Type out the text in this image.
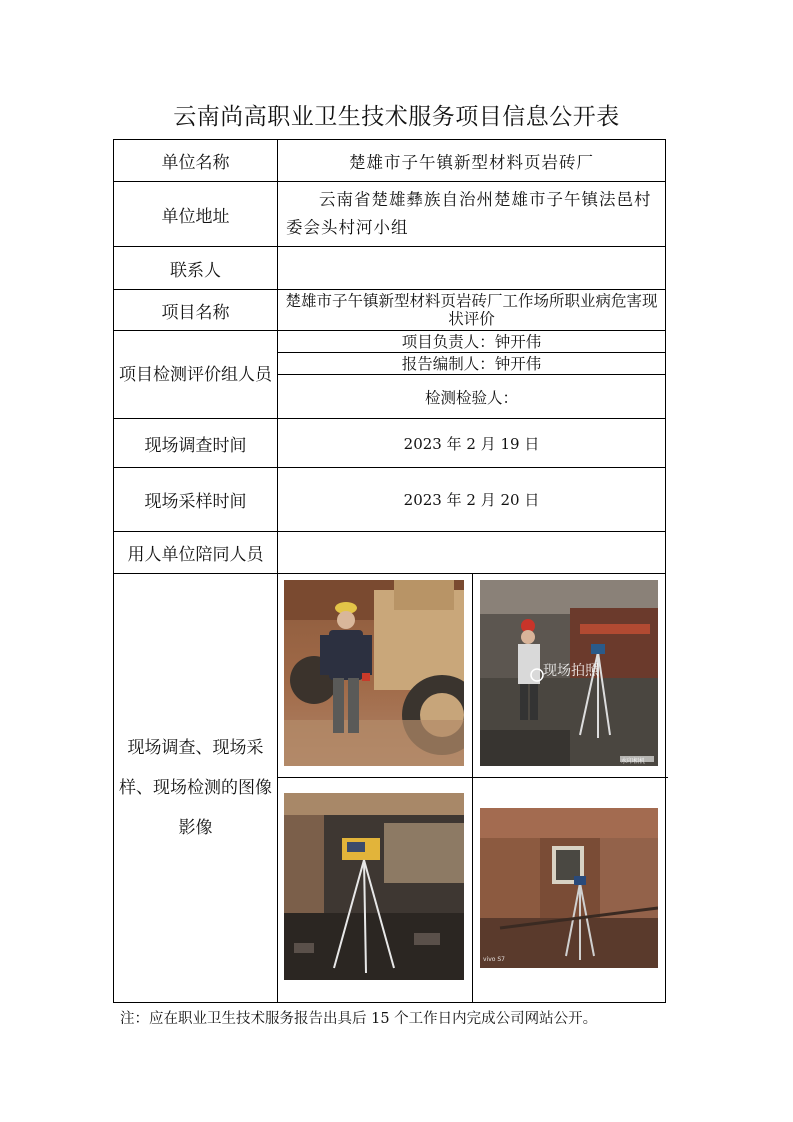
云南尚高职业卫生技术服务项目信息公开表
单位名称	楚雄市子午镇新型材料页岩砖厂
单位地址	云南省楚雄彝族自治州楚雄市子午镇法邑村委会头村河小组
联系人	
项目名称	楚雄市子午镇新型材料页岩砖厂工作场所职业病危害现状评价
项目检测评价组人员	项目负责人：钟开伟
	报告编制人：钟开伟
	检测检验人：
现场调查时间	2023 年 2 月 19 日
现场采样时间	2023 年 2 月 20 日
用人单位陪同人员	
现场调查、现场采样、现场检测的图像影像	现场拍照
水印相机
vivo S7
注：应在职业卫生技术服务报告出具后 15 个工作日内完成公司网站公开。
